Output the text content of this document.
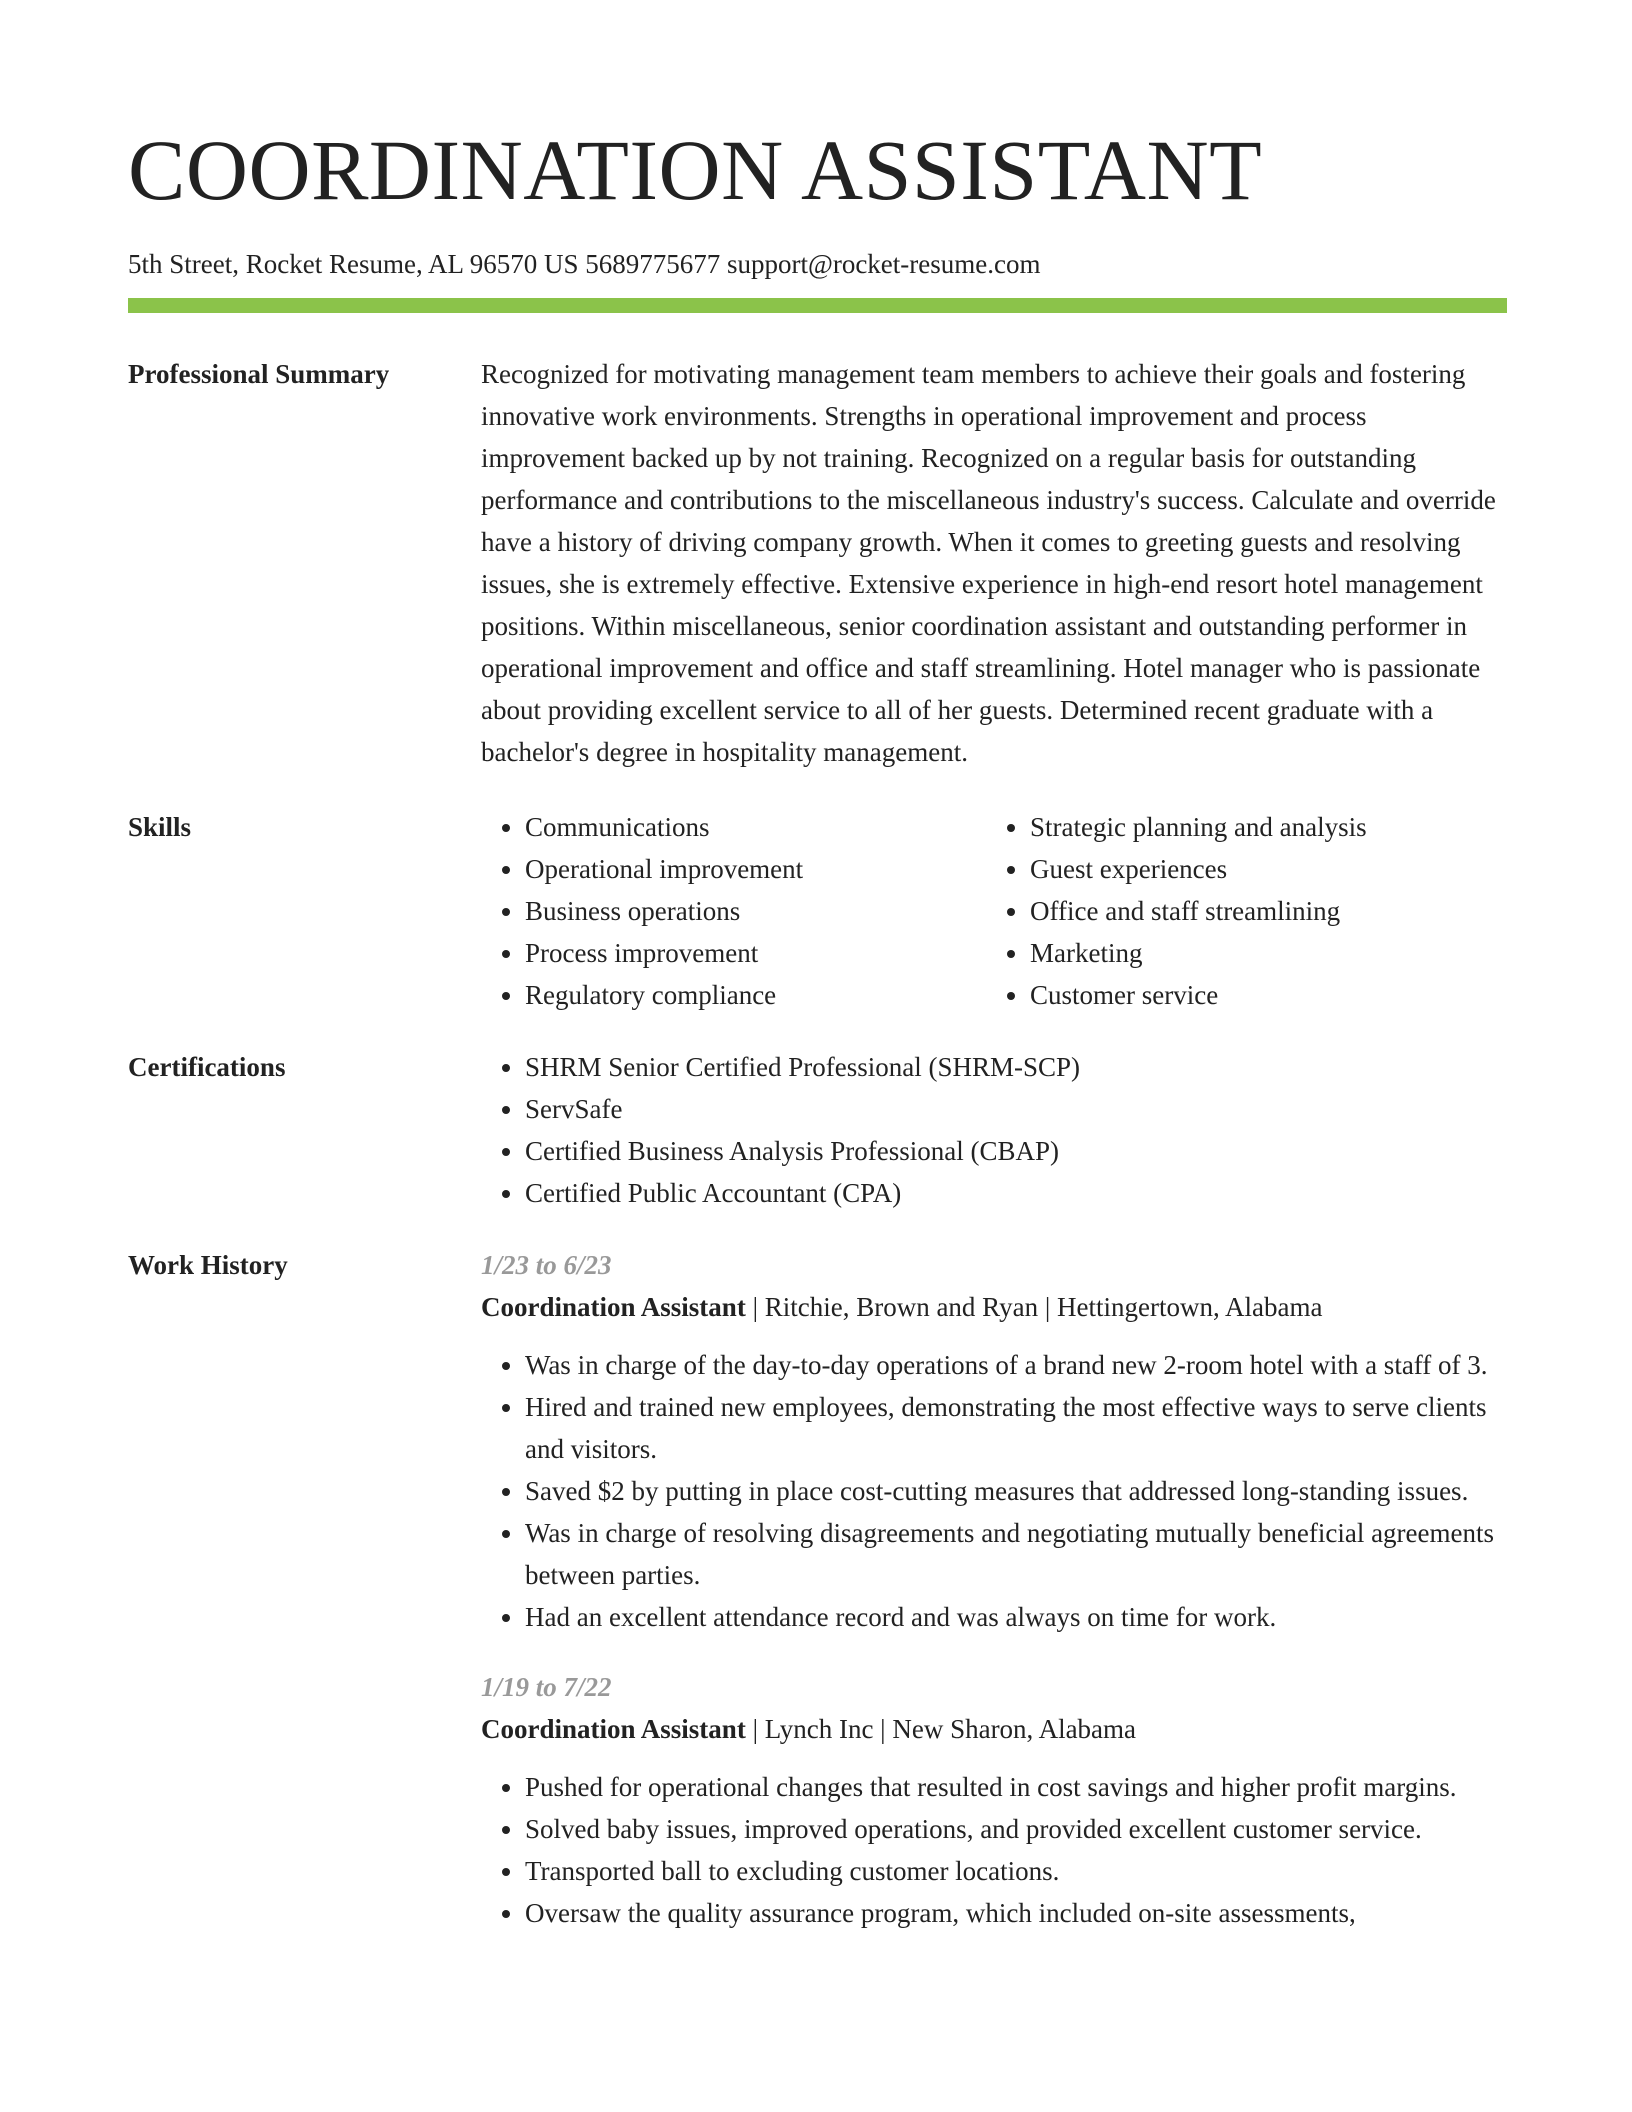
COORDINATION ASSISTANT
5th Street, Rocket Resume, AL 96570 US 5689775677 support@rocket-resume.com
Professional Summary	Recognized for motivating management team members to achieve their goals and fostering innovative work environments. Strengths in operational improvement and process improvement backed up by not training. Recognized on a regular basis for outstanding performance and contributions to the miscellaneous industry's success. Calculate and override have a history of driving company growth. When it comes to greeting guests and resolving issues, she is extremely effective. Extensive experience in high-end resort hotel management positions. Within miscellaneous, senior coordination assistant and outstanding performer in operational improvement and office and staff streamlining. Hotel manager who is passionate about providing excellent service to all of her guests. Determined recent graduate with a bachelor's degree in hospitality management.

Skills	• Communications
• Operational improvement
• Business operations
• Process improvement
• Regulatory compliance
• Strategic planning and analysis
• Guest experiences
• Office and staff streamlining
• Marketing
• Customer service
Certifications	• SHRM Senior Certified Professional (SHRM-SCP)
• ServSafe
• Certified Business Analysis Professional (CBAP)
• Certified Public Accountant (CPA)
Work History	1/23 to 6/23
Coordination Assistant | Ritchie, Brown and Ryan | Hettingertown, Alabama
• Was in charge of the day-to-day operations of a brand new 2-room hotel with a staff of 3.
• Hired and trained new employees, demonstrating the most effective ways to serve clients and visitors.
• Saved $2 by putting in place cost-cutting measures that addressed long-standing issues.
• Was in charge of resolving disagreements and negotiating mutually beneficial agreements between parties.
• Had an excellent attendance record and was always on time for work.
1/19 to 7/22
Coordination Assistant | Lynch Inc | New Sharon, Alabama
• Pushed for operational changes that resulted in cost savings and higher profit margins.
• Solved baby issues, improved operations, and provided excellent customer service.
• Transported ball to excluding customer locations.
• Oversaw the quality assurance program, which included on-site assessments,
